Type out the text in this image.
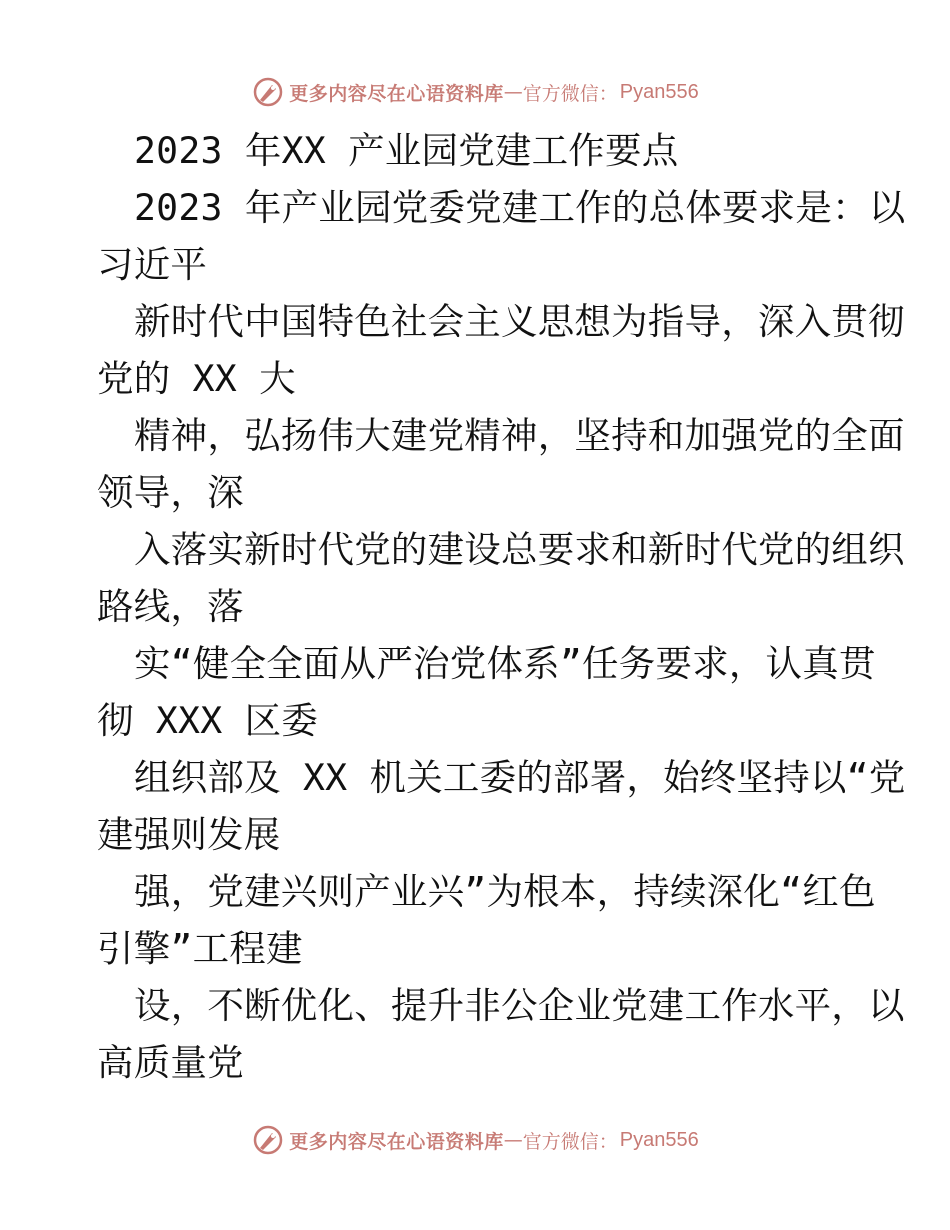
更多内容尽在心语资料库 — 官方微信： Pyan556
2023 年XX 产业园党建工作要点
2023 年产业园党委党建工作的总体要求是：以
习近平
新时代中国特色社会主义思想为指导，深入贯彻
党的 XX 大
精神，弘扬伟大建党精神，坚持和加强党的全面
领导，深
入落实新时代党的建设总要求和新时代党的组织
路线，落
实“健全全面从严治党体系”任务要求，认真贯
彻 XXX 区委
组织部及 XX 机关工委的部署，始终坚持以“党
建强则发展
强，党建兴则产业兴”为根本，持续深化“红色
引擎”工程建
设，不断优化、提升非公企业党建工作水平，以
高质量党
更多内容尽在心语资料库 — 官方微信： Pyan556
